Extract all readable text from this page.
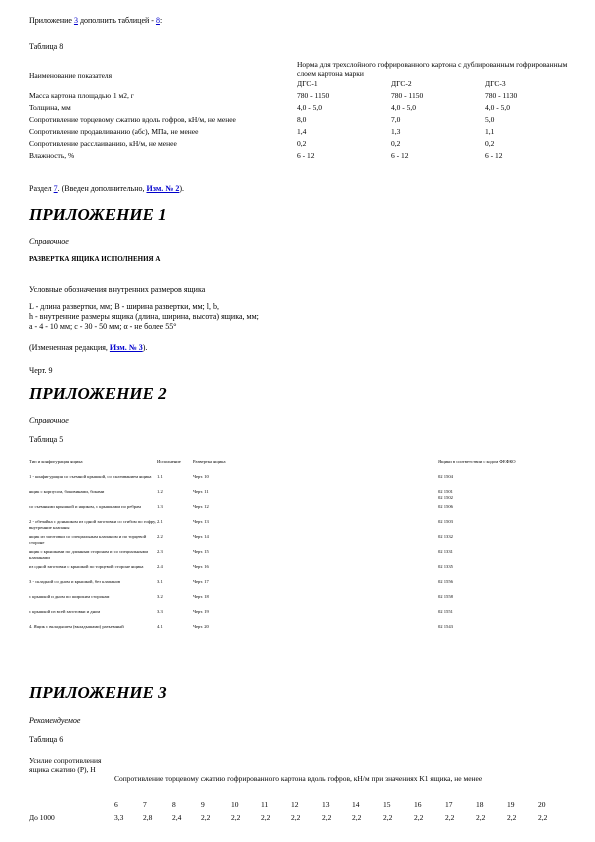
Приложение 3 дополнить таблицей - 8:

Таблица 8

Наименование показателя	Норма для трехслойного гофрированного картона с дублированным гофрированным слоем картона марки		
	ДГС-1	ДГС-2	ДГС-3
Масса картона площадью 1 м2, г	780 - 1150	780 - 1150	780 - 1130
Толщина, мм	4,0 - 5,0	4,0 - 5,0	4,0 - 5,0
Сопротивление торцевому сжатию вдоль гофров, кН/м, не менее	8,0	7,0	5,0
Сопротивление продавливанию (абс), МПа, не менее	1,4	1,3	1,1
Сопротивление расслаиванию, кН/м, не менее	0,2	0,2	0,2
Влажность, %	6 - 12	6 - 12	6 - 12

Раздел 7. (Введен дополнительно, Изм. № 2).

ПРИЛОЖЕНИЕ 1

Справочное

РАЗВЕРТКА ЯЩИКА ИСПОЛНЕНИЯ А

Условные обозначения внутренних размеров ящика

L - длина развертки, мм; B - ширина развертки, мм; l, b,

h - внутренние размеры ящика (длина, ширина, высота) ящика, мм;

a - 4 - 10 мм; c - 30 - 50 мм; α - не более 55°

(Измененная редакция, Изм. № 3).

Черт. 9

ПРИЛОЖЕНИЕ 2

Справочное

Таблица 5

Тип и конфигурация ящика	Исполнение	Развертка ящика	Ящики в соответствии с кодом ФЕФКО
1 - конфигурация со съемной крышкой, со склеиванием ящика	1.1	Черт. 10	02 1504
ящик с корпусом, боковинами, боками	1.2	Черт. 11	02 1501
02 1502
со съемными крышкой и ящиком, с крышками по ребрам	1.3	Черт. 12	02 1506
2 - обечайка с донышком из одной заготовки со сгибом по гофру, внутренние клапаны	2.1	Черт. 13	02 1503
ящик из заготовки со специальным клапаном и по торцевой стороне	2.2	Черт. 14	02 1332
ящик с крышками по длинным сторонам и со специальными клапанами	2.3	Черт. 15	02 1331
из одной заготовки с крышкой по торцевой стороне ящика	2.4	Черт. 16	02 1335
3 - складной со дном и крышкой, без клапанов	3.1	Черт. 17	02 1556
с крышкой и дном по широким сторонам	3.2	Черт. 18	02 1558
с крышкой из всей заготовки и дном	3.3	Черт. 19	02 1551
4. Ящик с вкладышем (вкладышами) разъемный	4.1	Черт. 20	02 1543
ПРИЛОЖЕНИЕ 3

Рекомендуемое

Таблица 6

Усилие сопротивления ящика сжатию (P), Н	Сопротивление торцевому сжатию гофрированного картона вдоль гофров, кН/м при значениях K1 ящика, не менее														
	6	7	8	9	10	11	12	13	14	15	16	17	18	19	20
До 1000	3,3	2,8	2,4	2,2	2,2	2,2	2,2	2,2	2,2	2,2	2,2	2,2	2,2	2,2	2,2
